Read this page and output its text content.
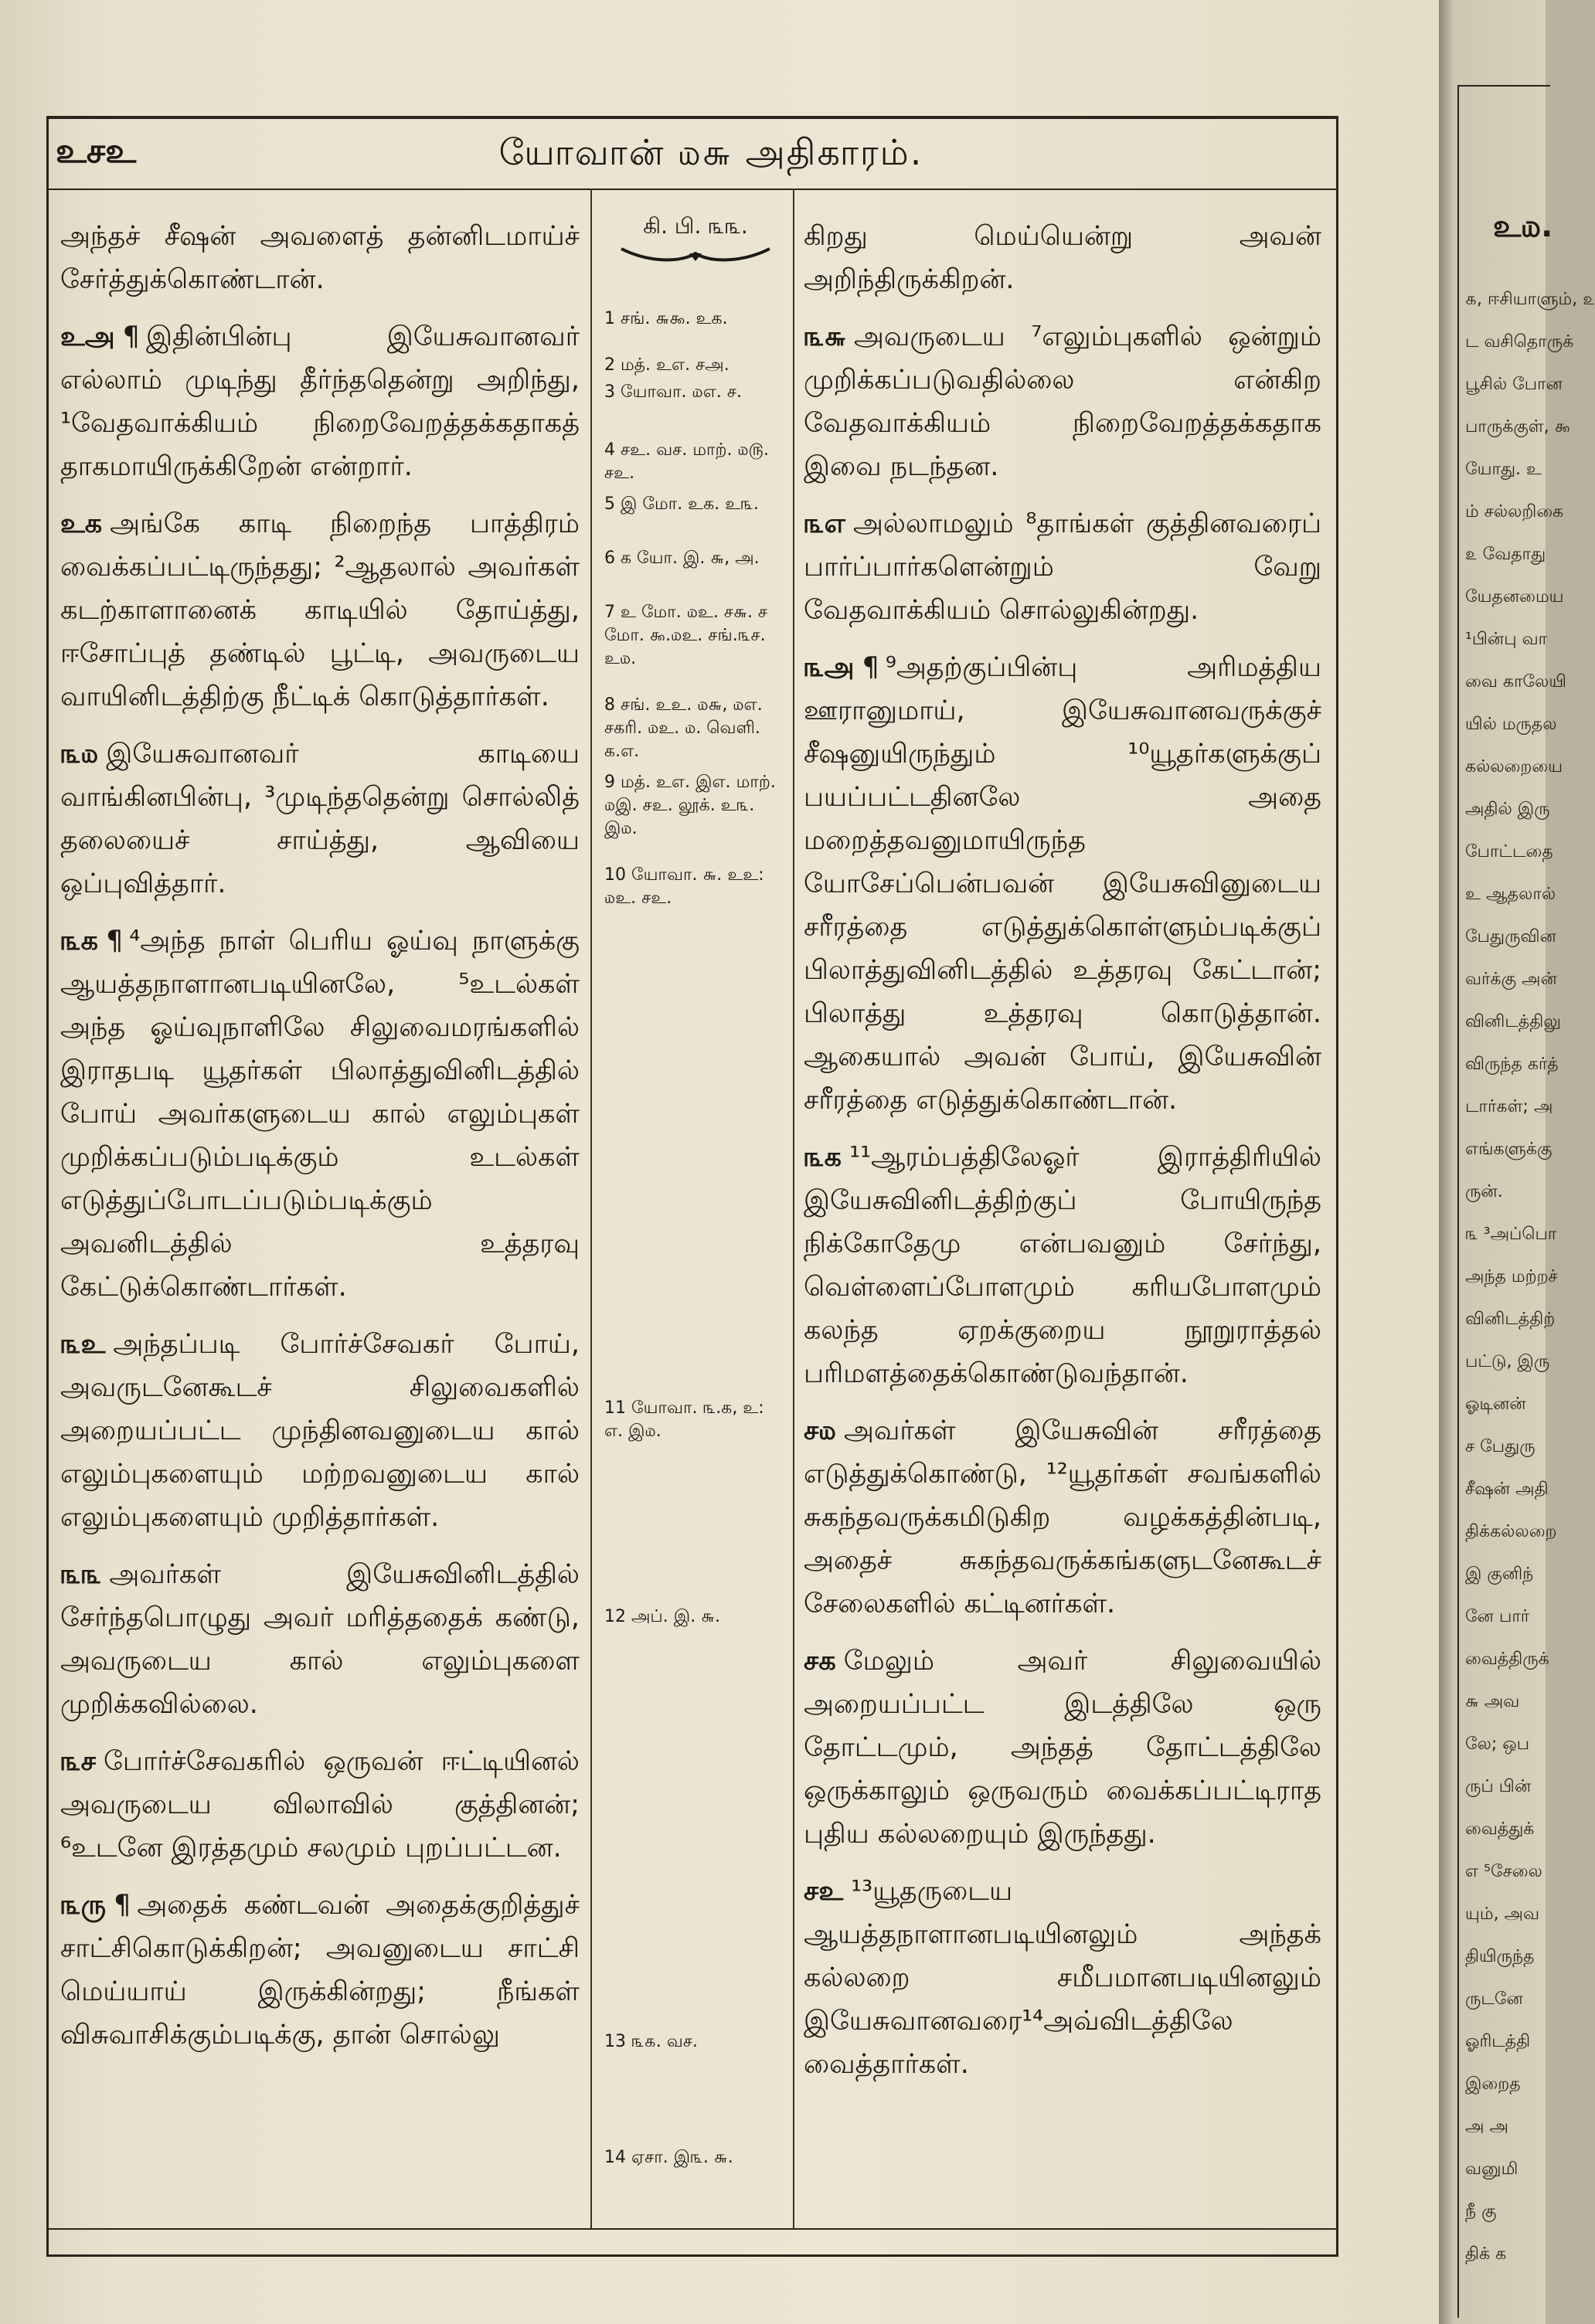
உசஉ	யோவான் ௰௬ அதிகாரம்.

அந்தச் சீஷன் அவளைத் தன்னிடமாய்ச் சேர்த்துக்கொண்டான்.

உஅ ¶ இதின்பின்பு இயேசுவானவர் எல்லாம் முடிந்து தீர்ந்ததென்று அறிந்து, ¹வேதவாக்கியம் நிறைவேறத்தக்கதாகத் தாகமாயிருக்கிறேன் என்றார்.

உக அங்கே காடி நிறைந்த பாத்திரம் வைக்கப்பட்டிருந்தது; ²ஆதலால் அவர்கள் கடற்காளானைக் காடியில் தோய்த்து, ஈசோப்புத் தண்டில் பூட்டி, அவருடைய வாயினிடத்திற்கு நீட்டிக் கொடுத்தார்கள்.

௩௰ இயேசுவானவர் காடியை வாங்கினபின்பு, ³முடிந்ததென்று சொல்லித் தலையைச் சாய்த்து, ஆவியை ஒப்புவித்தார்.

௩க ¶ ⁴அந்த நாள் பெரிய ஓய்வு நாளுக்கு ஆயத்தநாளானபடியினலே, ⁵உடல்கள் அந்த ஓய்வுநாளிலே சிலுவைமரங்களில் இராதபடி யூதர்கள் பிலாத்துவினிடத்தில் போய் அவர்களுடைய கால் எலும்புகள் முறிக்கப்படும்படிக்கும் உடல்கள் எடுத்துப்போடப்படும்படிக்கும் அவனிடத்தில் உத்தரவு கேட்டுக்கொண்டார்கள்.

௩உ அந்தப்படி போர்ச்சேவகர் போய், அவருடனேகூடச் சிலுவைகளில் அறையப்பட்ட முந்தினவனுடைய கால் எலும்புகளையும் மற்றவனுடைய கால் எலும்புகளையும் முறித்தார்கள்.

௩௩ அவர்கள் இயேசுவினிடத்தில் சேர்ந்தபொழுது அவர் மரித்ததைக் கண்டு, அவருடைய கால் எலும்புகளை முறிக்கவில்லை.

௩ச போர்ச்சேவகரில் ஒருவன் ஈட்டியினல் அவருடைய விலாவில் குத்தினன்; ⁶உடனே இரத்தமும் சலமும் புறப்பட்டன.

௩ரு ¶ அதைக் கண்டவன் அதைக்குறித்துச் சாட்சிகொடுக்கிறன்; அவனுடைய சாட்சி மெய்யாய் இருக்கின்றது; நீங்கள் விசுவாசிக்கும்படிக்கு, தான் சொல்லு

கி. பி. ௩௩.
1 சங். ௬௯. உக.
2 மத். உஎ. சஅ.
3 யோவா. ௰எ. ச.
4 சஉ. வச. மாற். ௰௫. சஉ.
5 இ மோ. உக. உ௩.
6 க யோ. இ. ௬, அ.
7 உ மோ. ௰உ. ச௬. ச மோ. ௯.௰உ. சங்.௩ச. உ௰.
8 சங். உஉ. ௰௬, ௰எ. சகரி. ௰உ. ௰. வெளி. க.எ.
9 மத். உஎ. இஎ. மாற். ௰இ. சஉ. லூக். உ௩. இ௰.
10 யோவா. ௬. உஉ: ௰உ. சஉ.
11 யோவா. ௩.க, உ: எ. இ௰.
12 அப். இ. ௬.
13 ௩௧. வச.
14 ஏசா. இ௩. ௬.

கிறது மெய்யென்று அவன் அறிந்திருக்கிறன்.

௩௬ அவருடைய ⁷எலும்புகளில் ஒன்றும் முறிக்கப்படுவதில்லை என்கிற வேதவாக்கியம் நிறைவேறத்தக்கதாக இவை நடந்தன.

௩எ அல்லாமலும் ⁸தாங்கள் குத்தினவரைப் பார்ப்பார்களென்றும் வேறு வேதவாக்கியம் சொல்லுகின்றது.

௩அ ¶ ⁹அதற்குப்பின்பு அரிமத்திய ஊரானுமாய், இயேசுவானவருக்குச் சீஷனுயிருந்தும் ¹⁰யூதர்களுக்குப் பயப்பட்டதினலே அதை மறைத்தவனுமாயிருந்த யோசேப்பென்பவன் இயேசுவினுடைய சரீரத்தை எடுத்துக்கொள்ளும்படிக்குப் பிலாத்துவினிடத்தில் உத்தரவு கேட்டான்; பிலாத்து உத்தரவு கொடுத்தான். ஆகையால் அவன் போய், இயேசுவின் சரீரத்தை எடுத்துக்கொண்டான்.

௩க ¹¹ஆரம்பத்திலேஓர் இராத்திரியில் இயேசுவினிடத்திற்குப் போயிருந்த நிக்கோதேமு என்பவனும் சேர்ந்து, வெள்ளைப்போளமும் கரியபோளமும் கலந்த ஏறக்குறைய நூறுராத்தல் பரிமளத்தைக்கொண்டுவந்தான்.

ச௰ அவர்கள் இயேசுவின் சரீரத்தை எடுத்துக்கொண்டு, ¹²யூதர்கள் சவங்களில் சுகந்தவருக்கமிடுகிற வழக்கத்தின்படி, அதைச் சுகந்தவருக்கங்களுடனேகூடச் சேலைகளில் கட்டினர்கள்.

சக மேலும் அவர் சிலுவையில் அறையப்பட்ட இடத்திலே ஒரு தோட்டமும், அந்தத் தோட்டத்திலே ஒருக்காலும் ஒருவரும் வைக்கப்பட்டிராத புதிய கல்லறையும் இருந்தது.

சஉ ¹³யூதருடைய ஆயத்தநாளானபடியினலும் அந்தக் கல்லறை சமீபமானபடியினலும் இயேசுவானவரை¹⁴அவ்விடத்திலே வைத்தார்கள்.

உ௰.
௧, ஈசியாளும், ௨
ட வசிதொருக்
பூசில் போன
பாருக்குள், ௯
யோது. உ
ம் சல்லறிகை
௨ வேதாது
யேதனமைய
¹பின்பு வா
வை காலேயி
யில் மருதல
கல்லறையை
அதில் இரு
போட்டதை
உ ஆதலால்
பேதுருவின
வர்க்கு அன்
வினிடத்திலு
விருந்த கர்த்
டார்கள்; அ
எங்களுக்கு
ருன்.
௩ ³அப்பொ
அந்த மற்றச்
வினிடத்திற்
பட்டு, இரு
ஓடினன்
ச பேதுரு
சீஷன் அதி
திக்கல்லறை
இ குனிந்
னே பார்
வைத்திருக்
௬ அவ
லே; ஒப
ருப் பின்
வைத்துக்
எ ⁵சேலை
யும், அவ
தியிருந்த
ருடனே
ஓரிடத்தி
இறைத
அ அ
வனுமி
நீ கு
திக் க
